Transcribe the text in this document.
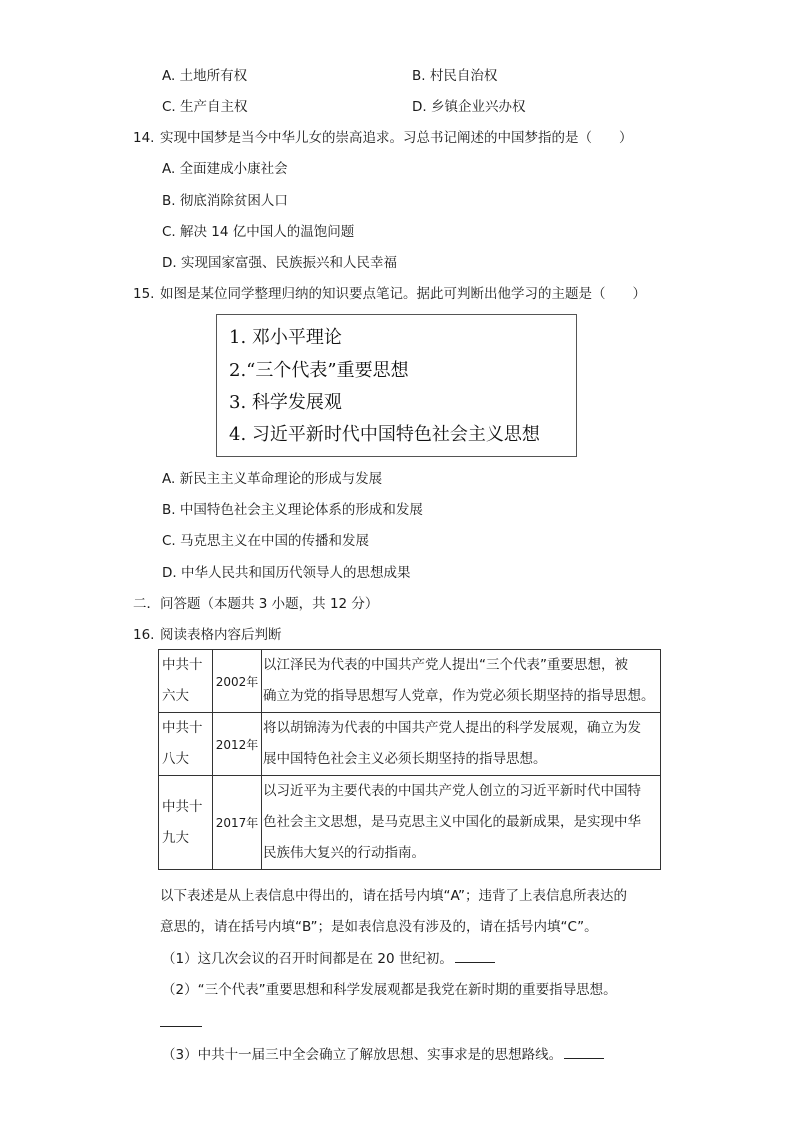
A. 土地所有权	B. 村民自治权
C. 生产自主权	D. 乡镇企业兴办权
14. 实现中国梦是当今中华儿女的崇高追求。习总书记阐述的中国梦指的是（　　）
A. 全面建成小康社会
B. 彻底消除贫困人口
C. 解决 14 亿中国人的温饱问题
D. 实现国家富强、民族振兴和人民幸福
15. 如图是某位同学整理归纳的知识要点笔记。据此可判断出他学习的主题是（　　）
1. 邓小平理论
2.“三个代表”重要思想
3. 科学发展观
4. 习近平新时代中国特色社会主义思想
A. 新民主主义革命理论的形成与发展
B. 中国特色社会主义理论体系的形成和发展
C. 马克思主义在中国的传播和发展
D. 中华人民共和国历代领导人的思想成果
二．问答题（本题共 3 小题，共 12 分）
16. 阅读表格内容后判断
中共十
六大	2002年	以江泽民为代表的中国共产党人提出“三个代表”重要思想，被
确立为党的指导思想写人党章，作为党必须长期坚持的指导思想。
中共十
八大	2012年	将以胡锦涛为代表的中国共产党人提出的科学发展观，确立为发
展中国特色社会主义必须长期坚持的指导思想。
中共十
九大	2017年	以习近平为主要代表的中国共产党人创立的习近平新时代中国特
色社会主文思想，是马克思主义中国化的最新成果，是实现中华
民族伟大复兴的行动指南。
以下表述是从上表信息中得出的，请在括号内填“A”；违背了上表信息所表达的
意思的，请在括号内填“B”；是如表信息没有涉及的，请在括号内填“C”。
（1）这几次会议的召开时间都是在 20 世纪初。
（2）“三个代表”重要思想和科学发展观都是我党在新时期的重要指导思想。
（3）中共十一届三中全会确立了解放思想、实事求是的思想路线。
